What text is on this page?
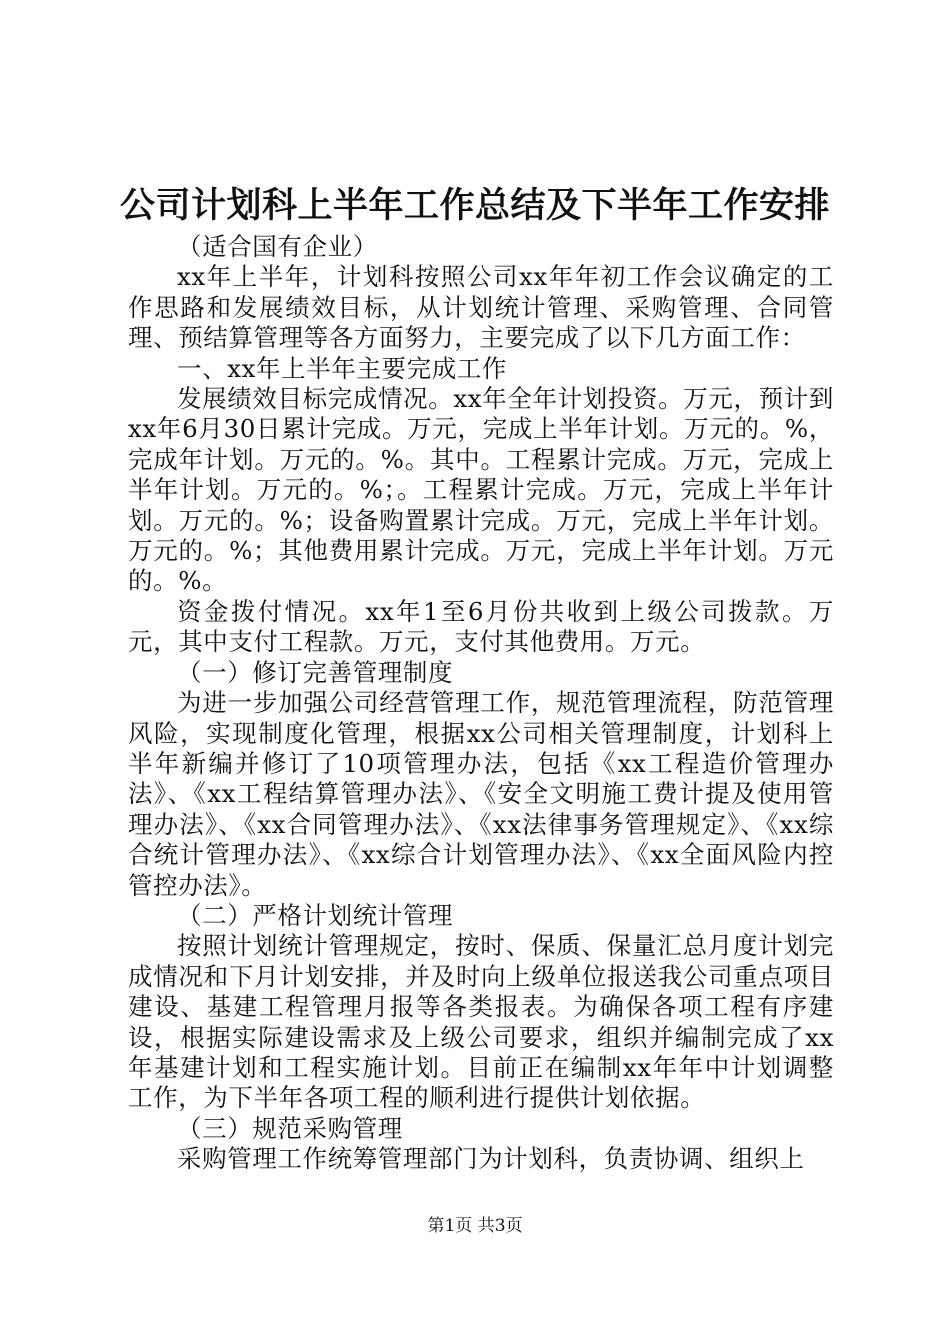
公司计划科上半年工作总结及下半年工作安排

（适合国有企业）

xx年上半年，计划科按照公司xx年年初工作会议确定的工作思路和发展绩效目标，从计划统计管理、采购管理、合同管理、预结算管理等各方面努力，主要完成了以下几方面工作：

一、xx年上半年主要完成工作

发展绩效目标完成情况。xx年全年计划投资。万元，预计到xx年6月30日累计完成。万元，完成上半年计划。万元的。%，完成年计划。万元的。%。其中。工程累计完成。万元，完成上半年计划。万元的。%；。工程累计完成。万元，完成上半年计划。万元的。%；设备购置累计完成。万元，完成上半年计划。万元的。%；其他费用累计完成。万元，完成上半年计划。万元的。%。

资金拨付情况。xx年1至6月份共收到上级公司拨款。万元，其中支付工程款。万元，支付其他费用。万元。

（一）修订完善管理制度

为进一步加强公司经营管理工作，规范管理流程，防范管理风险，实现制度化管理，根据xx公司相关管理制度，计划科上半年新编并修订了10项管理办法，包括《xx工程造价管理办法》、《xx工程结算管理办法》、《安全文明施工费计提及使用管理办法》、《xx合同管理办法》、《xx法律事务管理规定》、《xx综合统计管理办法》、《xx综合计划管理办法》、《xx全面风险内控管控办法》。

（二）严格计划统计管理

按照计划统计管理规定，按时、保质、保量汇总月度计划完成情况和下月计划安排，并及时向上级单位报送我公司重点项目建设、基建工程管理月报等各类报表。为确保各项工程有序建设，根据实际建设需求及上级公司要求，组织并编制完成了xx年基建计划和工程实施计划。目前正在编制xx年年中计划调整工作，为下半年各项工程的顺利进行提供计划依据。

（三）规范采购管理

采购管理工作统筹管理部门为计划科，负责协调、组织上

第1页 共3页
